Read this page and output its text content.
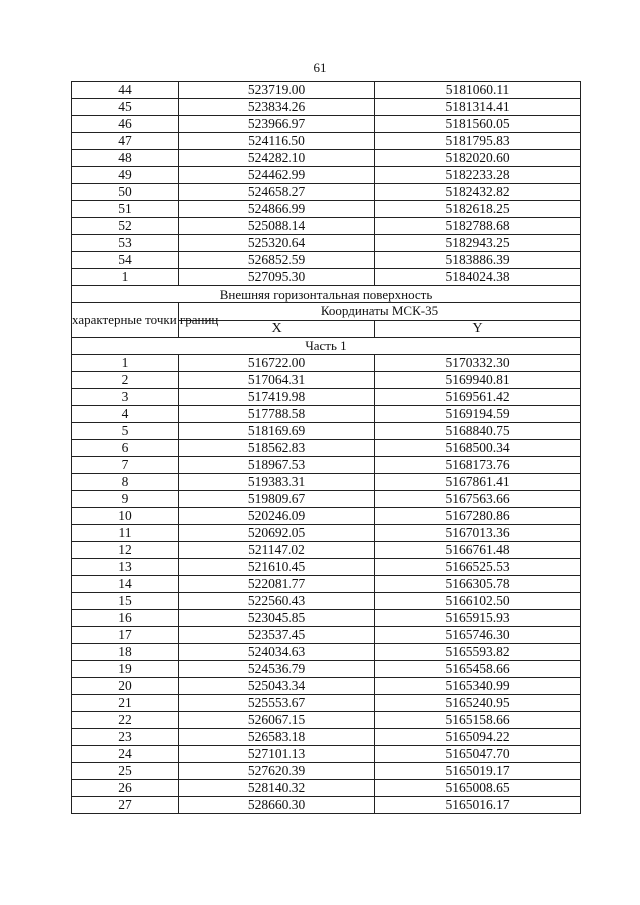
61
44	523719.00	5181060.11
45	523834.26	5181314.41
46	523966.97	5181560.05
47	524116.50	5181795.83
48	524282.10	5182020.60
49	524462.99	5182233.28
50	524658.27	5182432.82
51	524866.99	5182618.25
52	525088.14	5182788.68
53	525320.64	5182943.25
54	526852.59	5183886.39
1	527095.30	5184024.38
Внешняя горизонтальная поверхность		
характерные точки границ	Координаты МСК-35	
	X	Y
Часть 1		
1	516722.00	5170332.30
2	517064.31	5169940.81
3	517419.98	5169561.42
4	517788.58	5169194.59
5	518169.69	5168840.75
6	518562.83	5168500.34
7	518967.53	5168173.76
8	519383.31	5167861.41
9	519809.67	5167563.66
10	520246.09	5167280.86
11	520692.05	5167013.36
12	521147.02	5166761.48
13	521610.45	5166525.53
14	522081.77	5166305.78
15	522560.43	5166102.50
16	523045.85	5165915.93
17	523537.45	5165746.30
18	524034.63	5165593.82
19	524536.79	5165458.66
20	525043.34	5165340.99
21	525553.67	5165240.95
22	526067.15	5165158.66
23	526583.18	5165094.22
24	527101.13	5165047.70
25	527620.39	5165019.17
26	528140.32	5165008.65
27	528660.30	5165016.17
